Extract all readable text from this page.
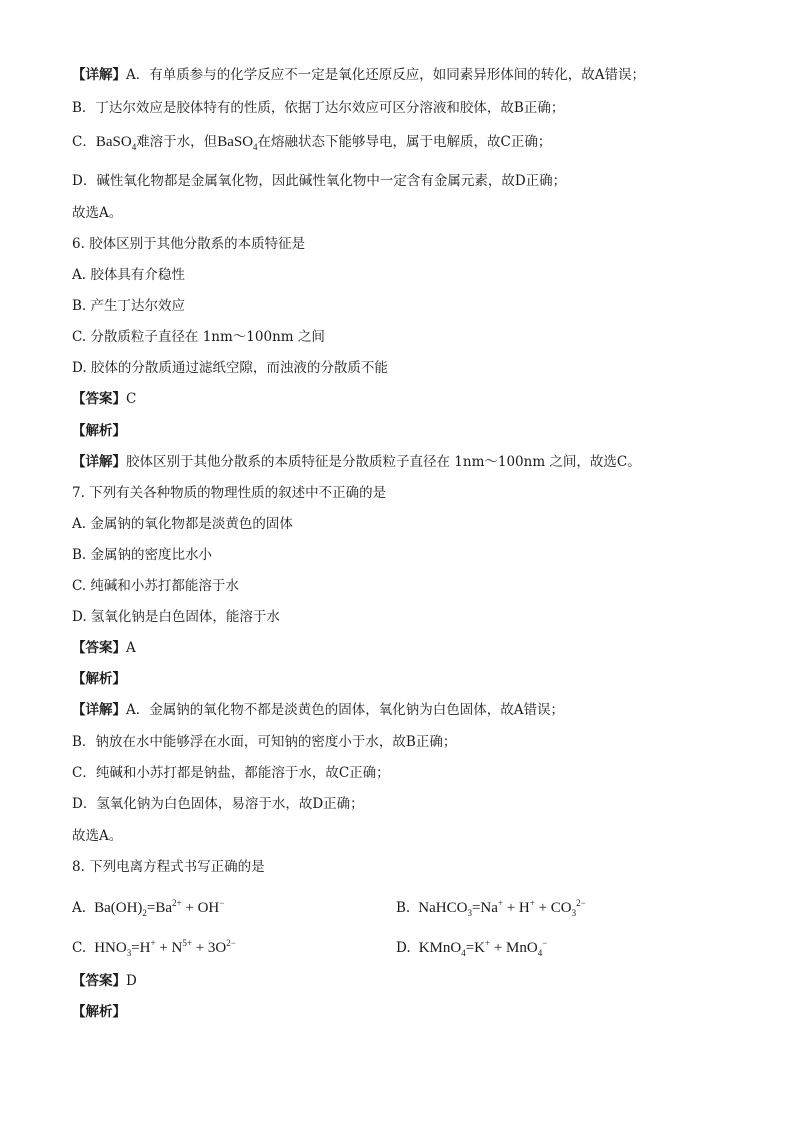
【详解】A．有单质参与的化学反应不一定是氧化还原反应，如同素异形体间的转化，故A错误；
B．丁达尔效应是胶体特有的性质，依据丁达尔效应可区分溶液和胶体，故B正确；
C．BaSO$_4$难溶于水，但BaSO$_4$在熔融状态下能够导电，属于电解质，故C正确；
D．碱性氧化物都是金属氧化物，因此碱性氧化物中一定含有金属元素，故D正确；
故选A。
6. 胶体区别于其他分散系的本质特征是
A. 胶体具有介稳性
B. 产生丁达尔效应
C. 分散质粒子直径在 1nm～100nm 之间
D. 胶体的分散质通过滤纸空隙，而浊液的分散质不能
【答案】C
【解析】
【详解】胶体区别于其他分散系的本质特征是分散质粒子直径在 1nm～100nm 之间，故选C。
7. 下列有关各种物质的物理性质的叙述中不正确的是
A. 金属钠的氧化物都是淡黄色的固体
B. 金属钠的密度比水小
C. 纯碱和小苏打都能溶于水
D. 氢氧化钠是白色固体，能溶于水
【答案】A
【解析】
【详解】A．金属钠的氧化物不都是淡黄色的固体，氧化钠为白色固体，故A错误；
B．钠放在水中能够浮在水面，可知钠的密度小于水，故B正确；
C．纯碱和小苏打都是钠盐，都能溶于水，故C正确；
D．氢氧化钠为白色固体，易溶于水，故D正确；
故选A。
8. 下列电离方程式书写正确的是
A. $Ba(OH)_2=Ba^{2+} + OH^-$	B. NaHCO$_3$=Na+ + $H^+ + CO_3^{2-}$
C. $HNO_3=H^+ + N^{5+} + 3O^{2-}$	D. KMnO$_4$=K+ + MnO$_4$−
【答案】D
【解析】
